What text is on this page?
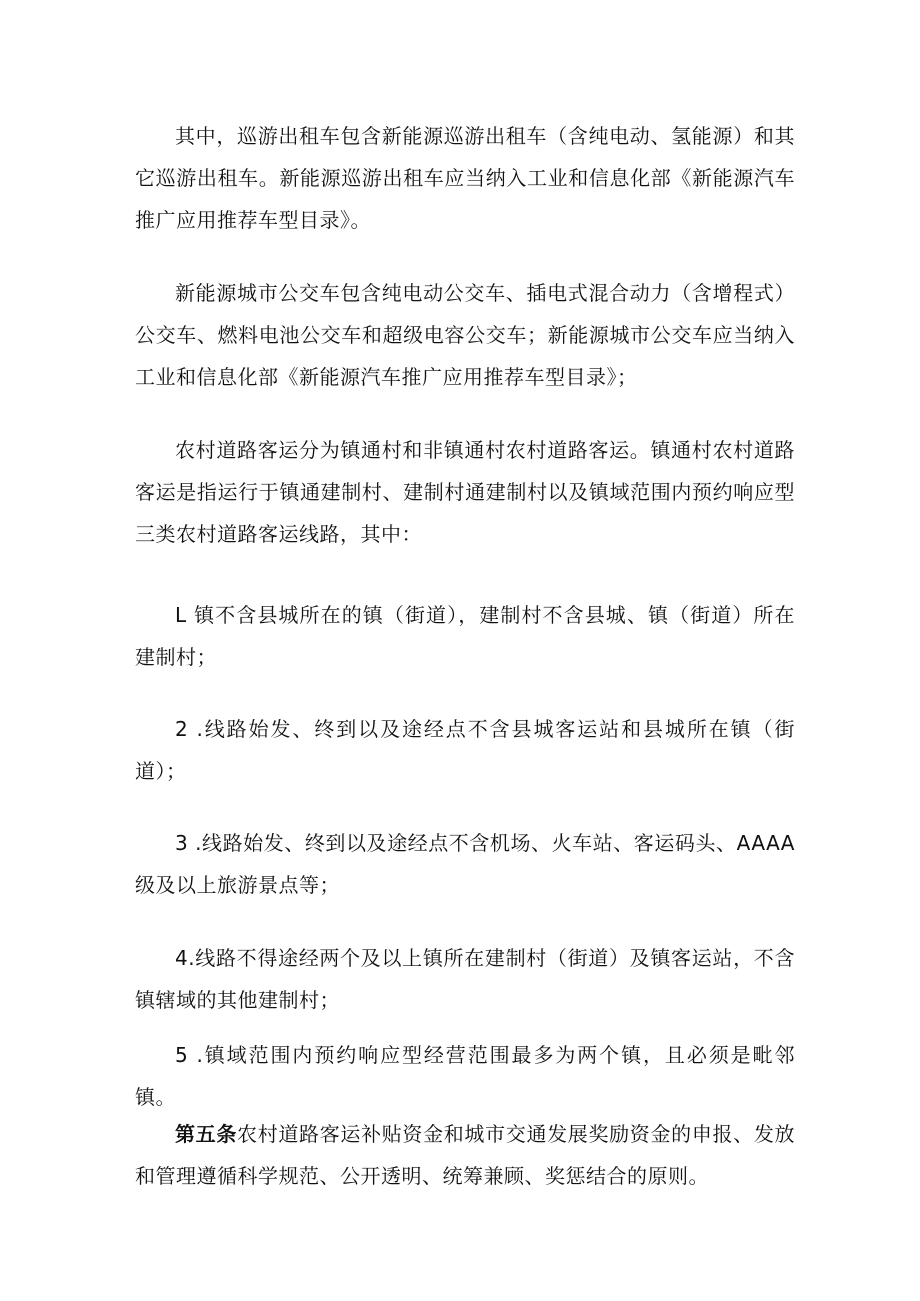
其中，巡游出租车包含新能源巡游出租车（含纯电动、氢能源）和其它巡游出租车。新能源巡游出租车应当纳入工业和信息化部《新能源汽车推广应用推荐车型目录》。

新能源城市公交车包含纯电动公交车、插电式混合动力（含增程式）公交车、燃料电池公交车和超级电容公交车；新能源城市公交车应当纳入工业和信息化部《新能源汽车推广应用推荐车型目录》；

农村道路客运分为镇通村和非镇通村农村道路客运。镇通村农村道路客运是指运行于镇通建制村、建制村通建制村以及镇域范围内预约响应型三类农村道路客运线路，其中：

L 镇不含县城所在的镇（街道），建制村不含县城、镇（街道）所在建制村；

2 .线路始发、终到以及途经点不含县城客运站和县城所在镇（街道）；

3 .线路始发、终到以及途经点不含机场、火车站、客运码头、AAAA级及以上旅游景点等；

4.线路不得途经两个及以上镇所在建制村（街道）及镇客运站，不含镇辖域的其他建制村；

5 .镇域范围内预约响应型经营范围最多为两个镇，且必须是毗邻镇。

第五条农村道路客运补贴资金和城市交通发展奖励资金的申报、发放和管理遵循科学规范、公开透明、统筹兼顾、奖惩结合的原则。
